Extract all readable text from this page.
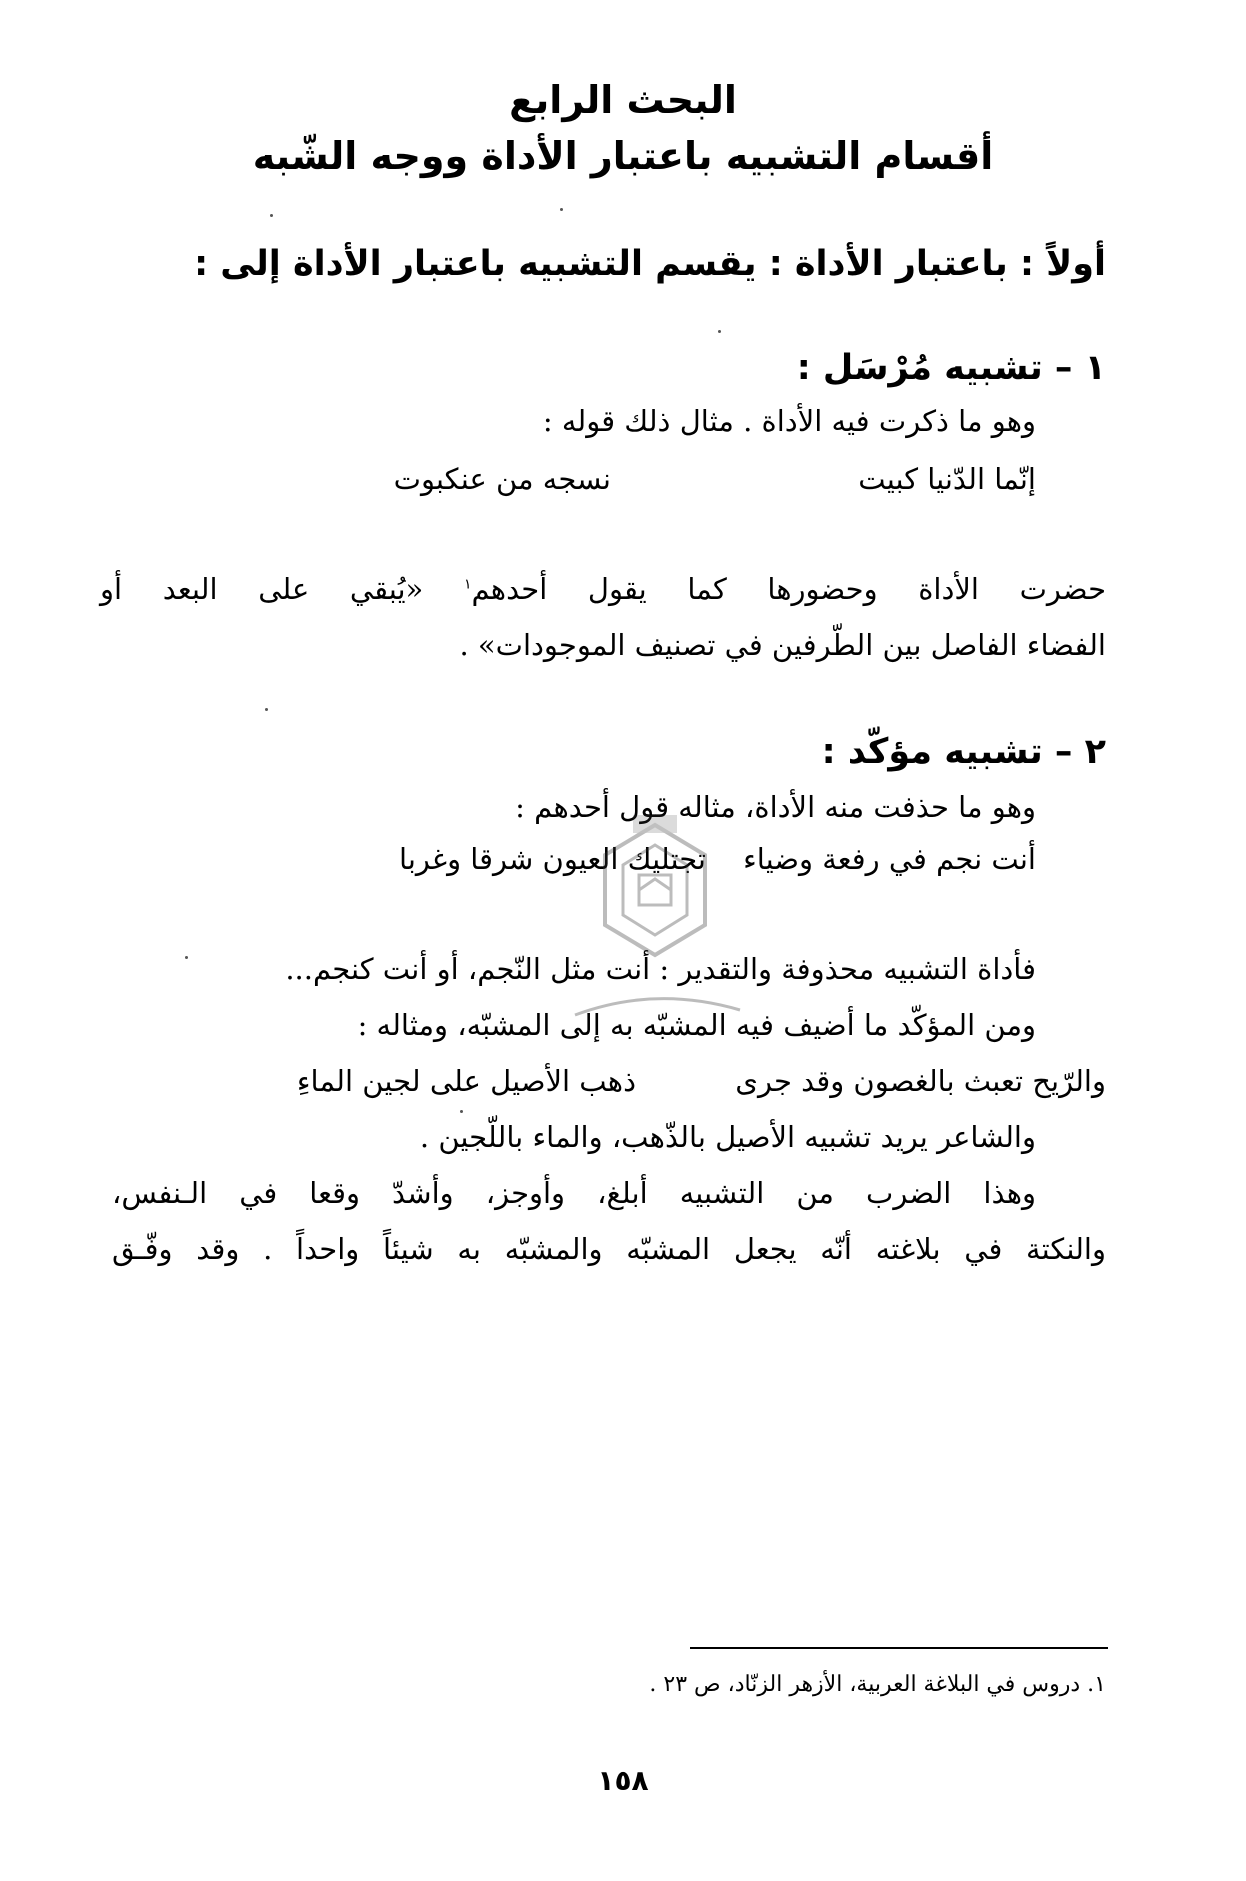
البحث الرابع
أقسام التشبيه باعتبار الأداة ووجه الشّبه
أولاً : باعتبار الأداة : يقسم التشبيه باعتبار الأداة إلى :
١ – تشبيه مُرْسَل :
وهو ما ذكرت فيه الأداة . مثال ذلك قوله :
إنّما الدّنيا كبيت
نسجه من عنكبوت
حضرت الأداة وحضورها كما يقول أحدهم$^١$ «يُبقي على البعد أو
الفضاء الفاصل بين الطّرفين في تصنيف الموجودات» .
٢ – تشبيه مؤكّد :
وهو ما حذفت منه الأداة، مثاله قول أحدهم :
أنت نجم في رفعة وضياء
تجتليك العيون شرقا وغربا
فأداة التشبيه محذوفة والتقدير : أنت مثل النّجم، أو أنت كنجم...
ومن المؤكّد ما أضيف فيه المشبّه به إلى المشبّه، ومثاله :
والرّيح تعبث بالغصون وقد جرى
ذهب الأصيل على لجين الماءِ
والشاعر يريد تشبيه الأصيل بالذّهب، والماء باللّجين .
وهذا الضرب من التشبيه أبلغ، وأوجز، وأشدّ وقعا في الـنفس،
والنكتة في بلاغته أنّه يجعل المشبّه والمشبّه به شيئاً واحداً . وقد وفّـق
١. دروس في البلاغة العربية، الأزهر الزنّاد، ص ٢٣ .
١٥٨
